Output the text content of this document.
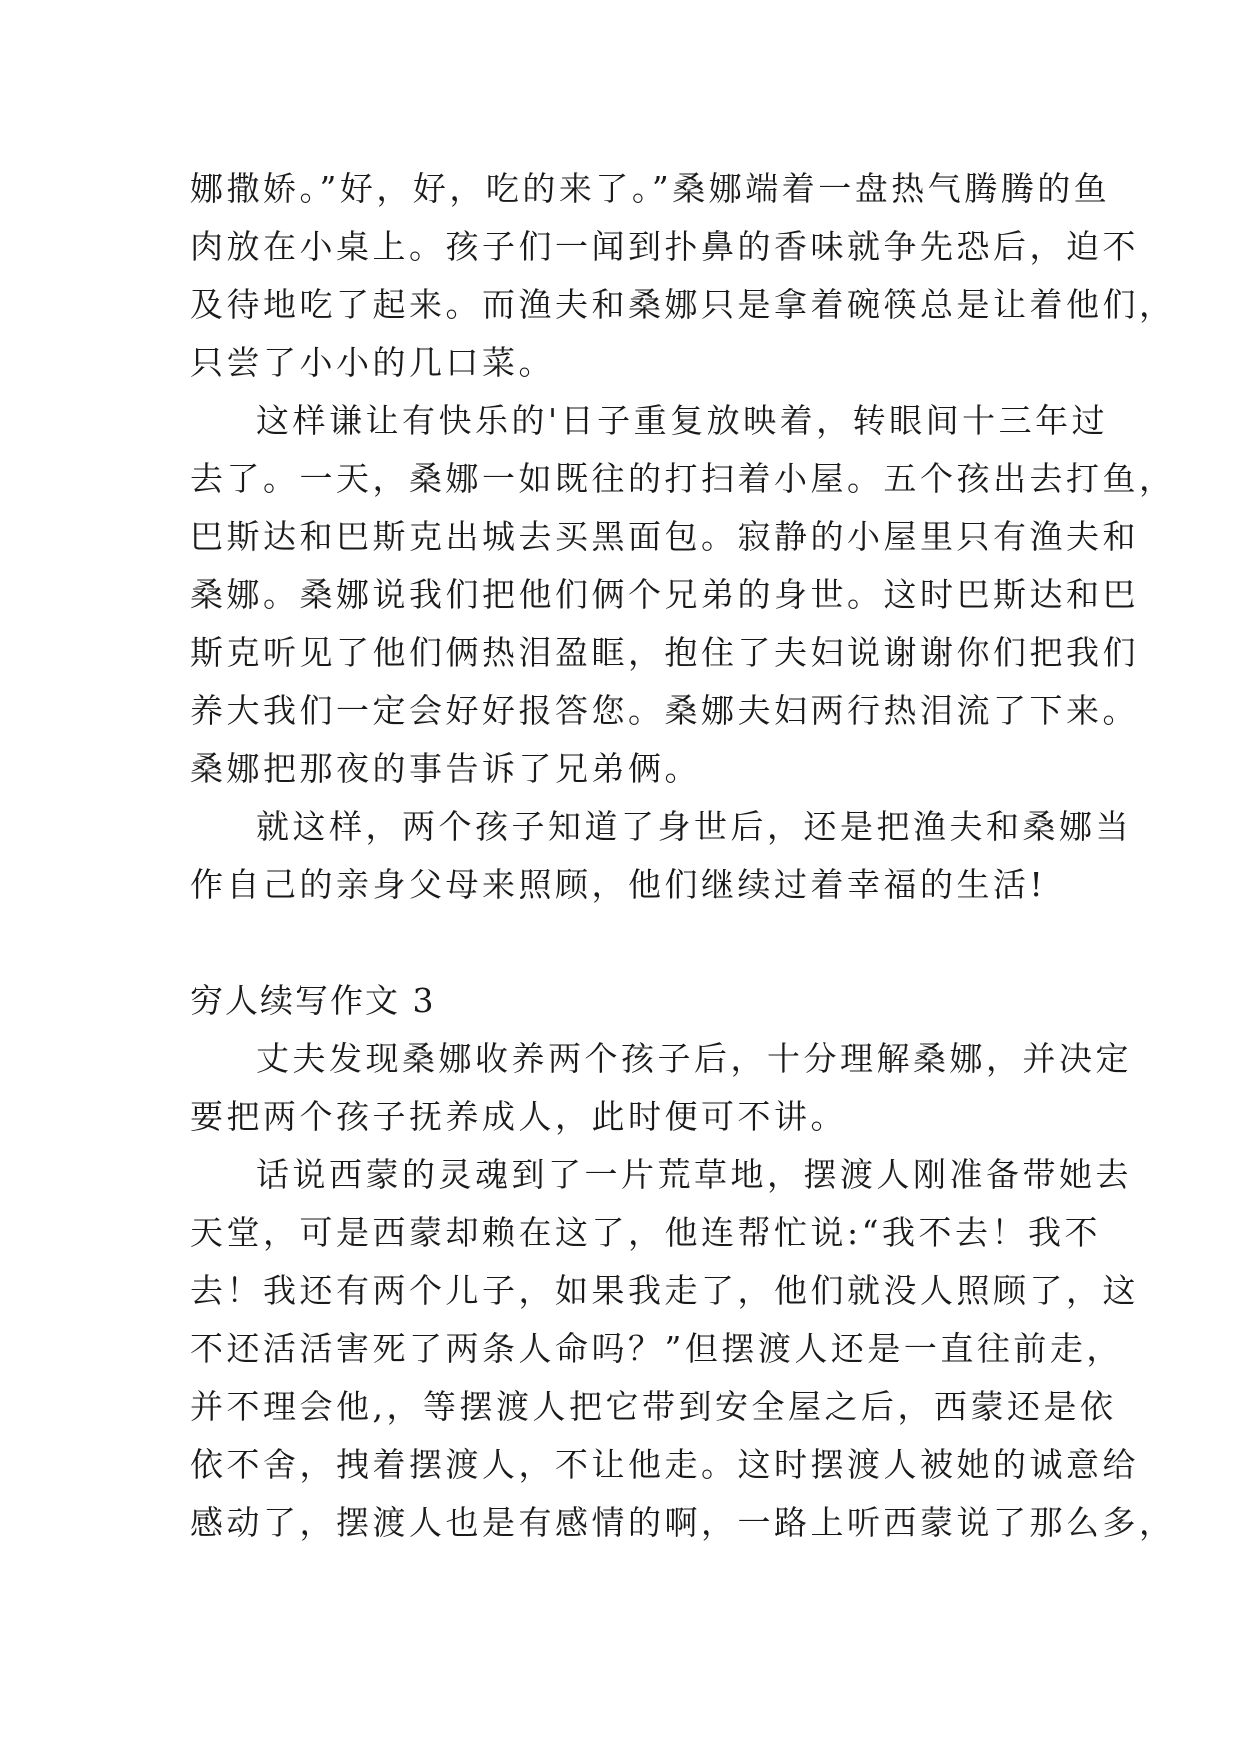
娜撒娇。”好，好，吃的来了。”桑娜端着一盘热气腾腾的鱼
肉放在小桌上。孩子们一闻到扑鼻的香味就争先恐后，迫不
及待地吃了起来。而渔夫和桑娜只是拿着碗筷总是让着他们，
只尝了小小的几口菜。
这样谦让有快乐的'日子重复放映着，转眼间十三年过
去了。一天，桑娜一如既往的打扫着小屋。五个孩出去打鱼，
巴斯达和巴斯克出城去买黑面包。寂静的小屋里只有渔夫和
桑娜。桑娜说我们把他们俩个兄弟的身世。这时巴斯达和巴
斯克听见了他们俩热泪盈眶，抱住了夫妇说谢谢你们把我们
养大我们一定会好好报答您。桑娜夫妇两行热泪流了下来。
桑娜把那夜的事告诉了兄弟俩。
就这样，两个孩子知道了身世后，还是把渔夫和桑娜当
作自己的亲身父母来照顾，他们继续过着幸福的生活!
穷人续写作文 3
丈夫发现桑娜收养两个孩子后，十分理解桑娜，并决定
要把两个孩子抚养成人，此时便可不讲。
话说西蒙的灵魂到了一片荒草地，摆渡人刚准备带她去
天堂，可是西蒙却赖在这了，他连帮忙说:“我不去！我不
去！我还有两个儿子，如果我走了，他们就没人照顾了，这
不还活活害死了两条人命吗？”但摆渡人还是一直往前走，
并不理会他,，等摆渡人把它带到安全屋之后，西蒙还是依
依不舍，拽着摆渡人，不让他走。这时摆渡人被她的诚意给
感动了，摆渡人也是有感情的啊，一路上听西蒙说了那么多，
